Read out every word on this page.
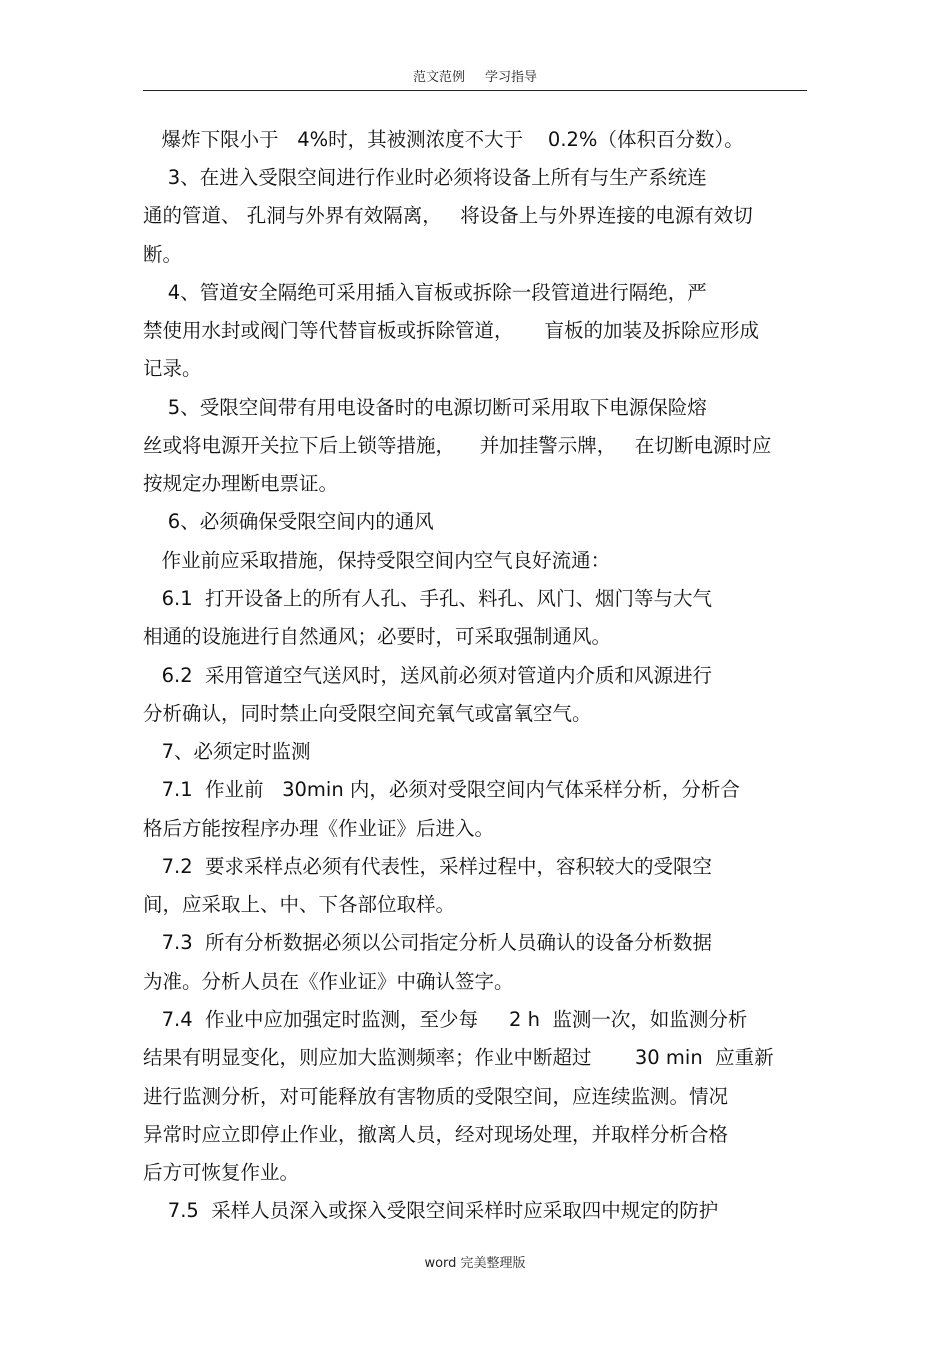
范文范例 学习指导
爆炸下限小于   4%时，其被测浓度不大于    0.2%（体积百分数）。
3、在进入受限空间进行作业时必须将设备上所有与生产系统连
通的管道、 孔洞与外界有效隔离，   将设备上与外界连接的电源有效切
断。
4、管道安全隔绝可采用插入盲板或拆除一段管道进行隔绝，严
禁使用水封或阀门等代替盲板或拆除管道，     盲板的加装及拆除应形成
记录。
5、受限空间带有用电设备时的电源切断可采用取下电源保险熔
丝或将电源开关拉下后上锁等措施，    并加挂警示牌，   在切断电源时应
按规定办理断电票证。
6、必须确保受限空间内的通风
作业前应采取措施，保持受限空间内空气良好流通：
6.1  打开设备上的所有人孔、手孔、料孔、风门、烟门等与大气
相通的设施进行自然通风；必要时，可采取强制通风。
6.2  采用管道空气送风时，送风前必须对管道内介质和风源进行
分析确认，同时禁止向受限空间充氧气或富氧空气。
7、必须定时监测
7.1  作业前   30min 内，必须对受限空间内气体采样分析，分析合
格后方能按程序办理《作业证》后进入。
7.2  要求采样点必须有代表性，采样过程中，容积较大的受限空
间，应采取上、中、下各部位取样。
7.3  所有分析数据必须以公司指定分析人员确认的设备分析数据
为准。分析人员在《作业证》中确认签字。
7.4  作业中应加强定时监测，至少每     2 h  监测一次，如监测分析
结果有明显变化，则应加大监测频率；作业中断超过       30 min  应重新
进行监测分析，对可能释放有害物质的受限空间，应连续监测。情况
异常时应立即停止作业，撤离人员，经对现场处理，并取样分析合格
后方可恢复作业。
7.5  采样人员深入或探入受限空间采样时应采取四中规定的防护
word 完美整理版
